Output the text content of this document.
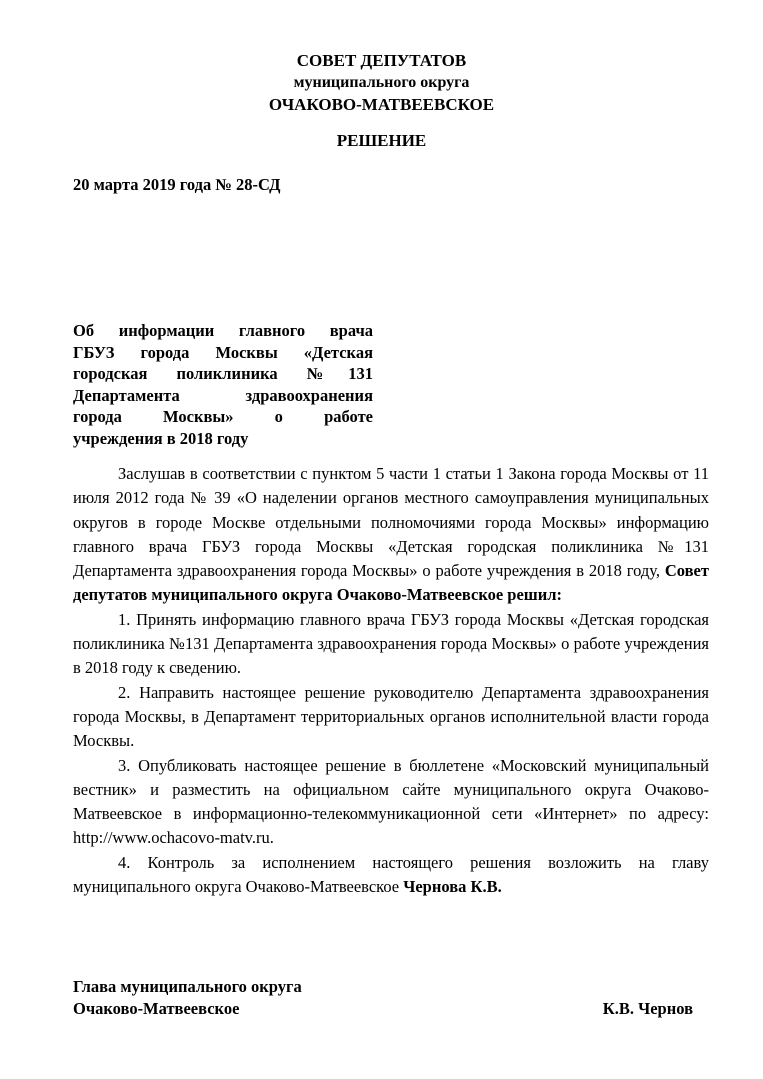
СОВЕТ ДЕПУТАТОВ
муниципального округа
ОЧАКОВО-МАТВЕЕВСКОЕ
РЕШЕНИЕ
20 марта 2019 года № 28-СД
Об информации главного врача
ГБУЗ города Москвы «Детская
городская поликлиника №131
Департамента здравоохранения
города Москвы» о работе
учреждения в 2018 году

Заслушав в соответствии с пунктом 5 части 1 статьи 1 Закона города Москвы от 11 июля 2012 года № 39 «О наделении органов местного самоуправления муниципальных округов в городе Москве отдельными полномочиями города Москвы» информацию главного врача ГБУЗ города Москвы «Детская городская поликлиника №131 Департамента здравоохранения города Москвы» о работе учреждения в 2018 году, Совет депутатов муниципального округа Очаково-Матвеевское решил:

1. Принять информацию главного врача ГБУЗ города Москвы «Детская городская поликлиника №131 Департамента здравоохранения города Москвы» о работе учреждения в 2018 году к сведению.

2. Направить настоящее решение руководителю Департамента здравоохранения города Москвы, в Департамент территориальных органов исполнительной власти города Москвы.

3. Опубликовать настоящее решение в бюллетене «Московский муниципальный вестник» и разместить на официальном сайте муниципального округа Очаково-Матвеевское в информационно-телекоммуникационной сети «Интернет» по адресу: http://www.ochacovo-matv.ru.

4. Контроль за исполнением настоящего решения возложить на главу муниципального округа Очаково-Матвеевское Чернова К.В.

Глава муниципального округа
Очаково-Матвеевское	К.В. Чернов
